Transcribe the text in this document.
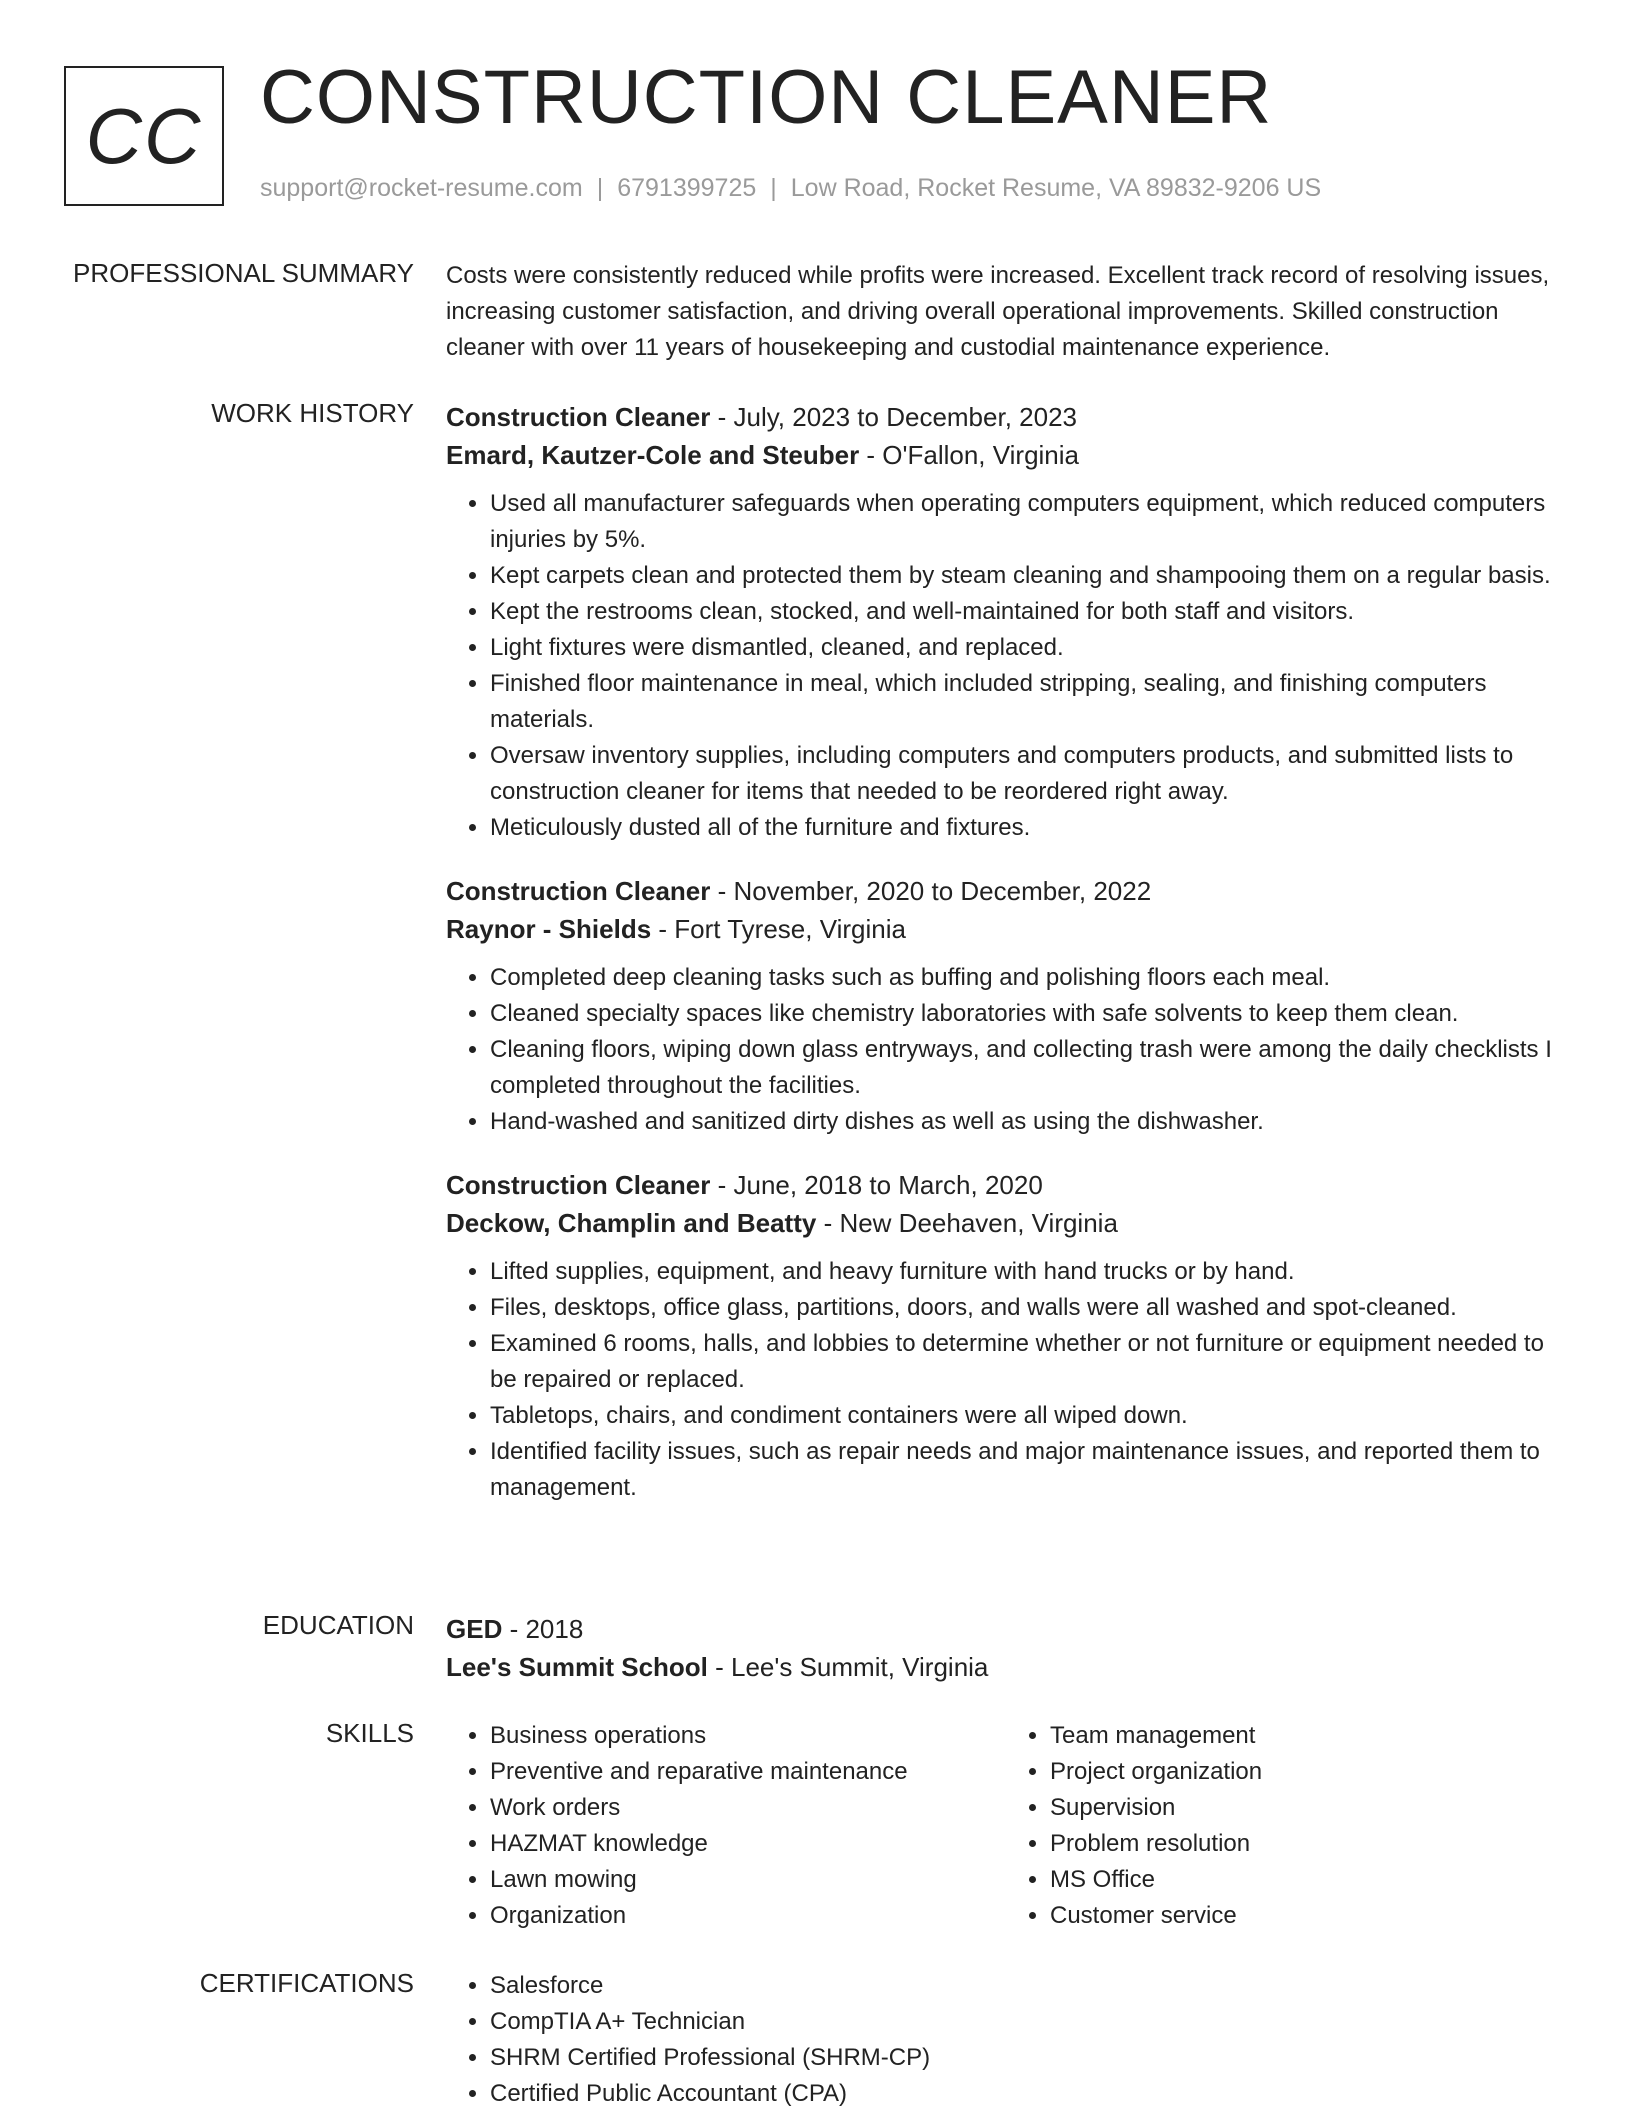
CC CONSTRUCTION CLEANER
support@rocket-resume.com | 6791399725 | Low Road, Rocket Resume, VA 89832-9206 US
PROFESSIONAL SUMMARY Costs were consistently reduced while profits were increased. Excellent track record of resolving issues, increasing customer satisfaction, and driving overall operational improvements. Skilled construction cleaner with over 11 years of housekeeping and custodial maintenance experience.

WORK HISTORY Construction Cleaner - July, 2023 to December, 2023
Emard, Kautzer-Cole and Steuber - O'Fallon, Virginia
• Used all manufacturer safeguards when operating computers equipment, which reduced computers injuries by 5%.
• Kept carpets clean and protected them by steam cleaning and shampooing them on a regular basis.
• Kept the restrooms clean, stocked, and well-maintained for both staff and visitors.
• Light fixtures were dismantled, cleaned, and replaced.
• Finished floor maintenance in meal, which included stripping, sealing, and finishing computers materials.
• Oversaw inventory supplies, including computers and computers products, and submitted lists to construction cleaner for items that needed to be reordered right away.
• Meticulously dusted all of the furniture and fixtures.
Construction Cleaner - November, 2020 to December, 2022
Raynor - Shields - Fort Tyrese, Virginia
• Completed deep cleaning tasks such as buffing and polishing floors each meal.
• Cleaned specialty spaces like chemistry laboratories with safe solvents to keep them clean.
• Cleaning floors, wiping down glass entryways, and collecting trash were among the daily checklists I completed throughout the facilities.
• Hand-washed and sanitized dirty dishes as well as using the dishwasher.
Construction Cleaner - June, 2018 to March, 2020
Deckow, Champlin and Beatty - New Deehaven, Virginia
• Lifted supplies, equipment, and heavy furniture with hand trucks or by hand.
• Files, desktops, office glass, partitions, doors, and walls were all washed and spot-cleaned.
• Examined 6 rooms, halls, and lobbies to determine whether or not furniture or equipment needed to be repaired or replaced.
• Tabletops, chairs, and condiment containers were all wiped down.
• Identified facility issues, such as repair needs and major maintenance issues, and reported them to management.
EDUCATION GED - 2018
Lee's Summit School - Lee's Summit, Virginia
SKILLS	• Business operations
• Preventive and reparative maintenance
• Work orders
• HAZMAT knowledge
• Lawn mowing
• Organization
• Team management
• Project organization
• Supervision
• Problem resolution
• MS Office
• Customer service
CERTIFICATIONS	• Salesforce
• CompTIA A+ Technician
• SHRM Certified Professional (SHRM-CP)
• Certified Public Accountant (CPA)
